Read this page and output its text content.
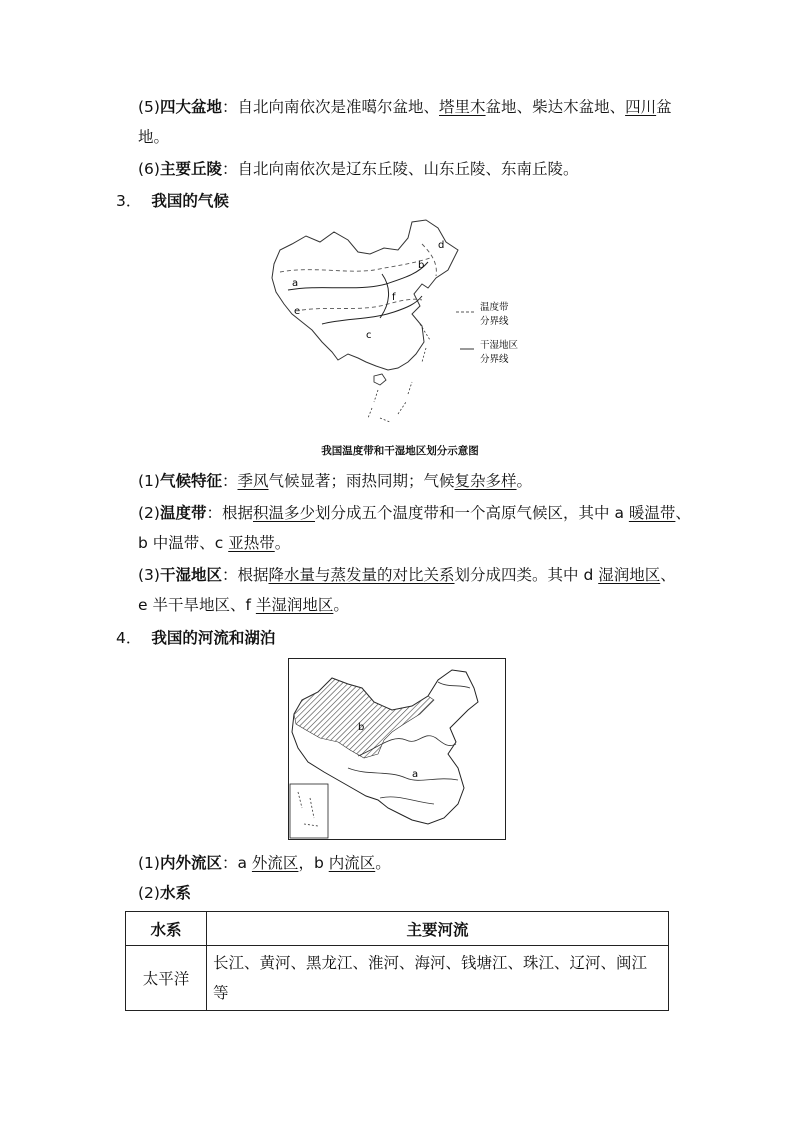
(5)四大盆地：自北向南依次是准噶尔盆地、塔里木盆地、柴达木盆地、四川盆
地。
(6)主要丘陵：自北向南依次是辽东丘陵、山东丘陵、东南丘陵。
3． 我国的气候
a
b
c
d
e
f
温度带
分界线
干湿地区
分界线
我国温度带和干湿地区划分示意图
(1)气候特征：季风气候显著；雨热同期；气候复杂多样。
(2)温度带：根据积温多少划分成五个温度带和一个高原气候区，其中 a 暖温带、
b 中温带、c 亚热带。
(3)干湿地区：根据降水量与蒸发量的对比关系划分成四类。其中 d 湿润地区、
e 半干旱地区、f 半湿润地区。
4． 我国的河流和湖泊
a
b
(1)内外流区：a 外流区，b 内流区。
(2)水系
水系	主要河流
太平洋	长江、黄河、黑龙江、淮河、海河、钱塘江、珠江、辽河、闽江等
